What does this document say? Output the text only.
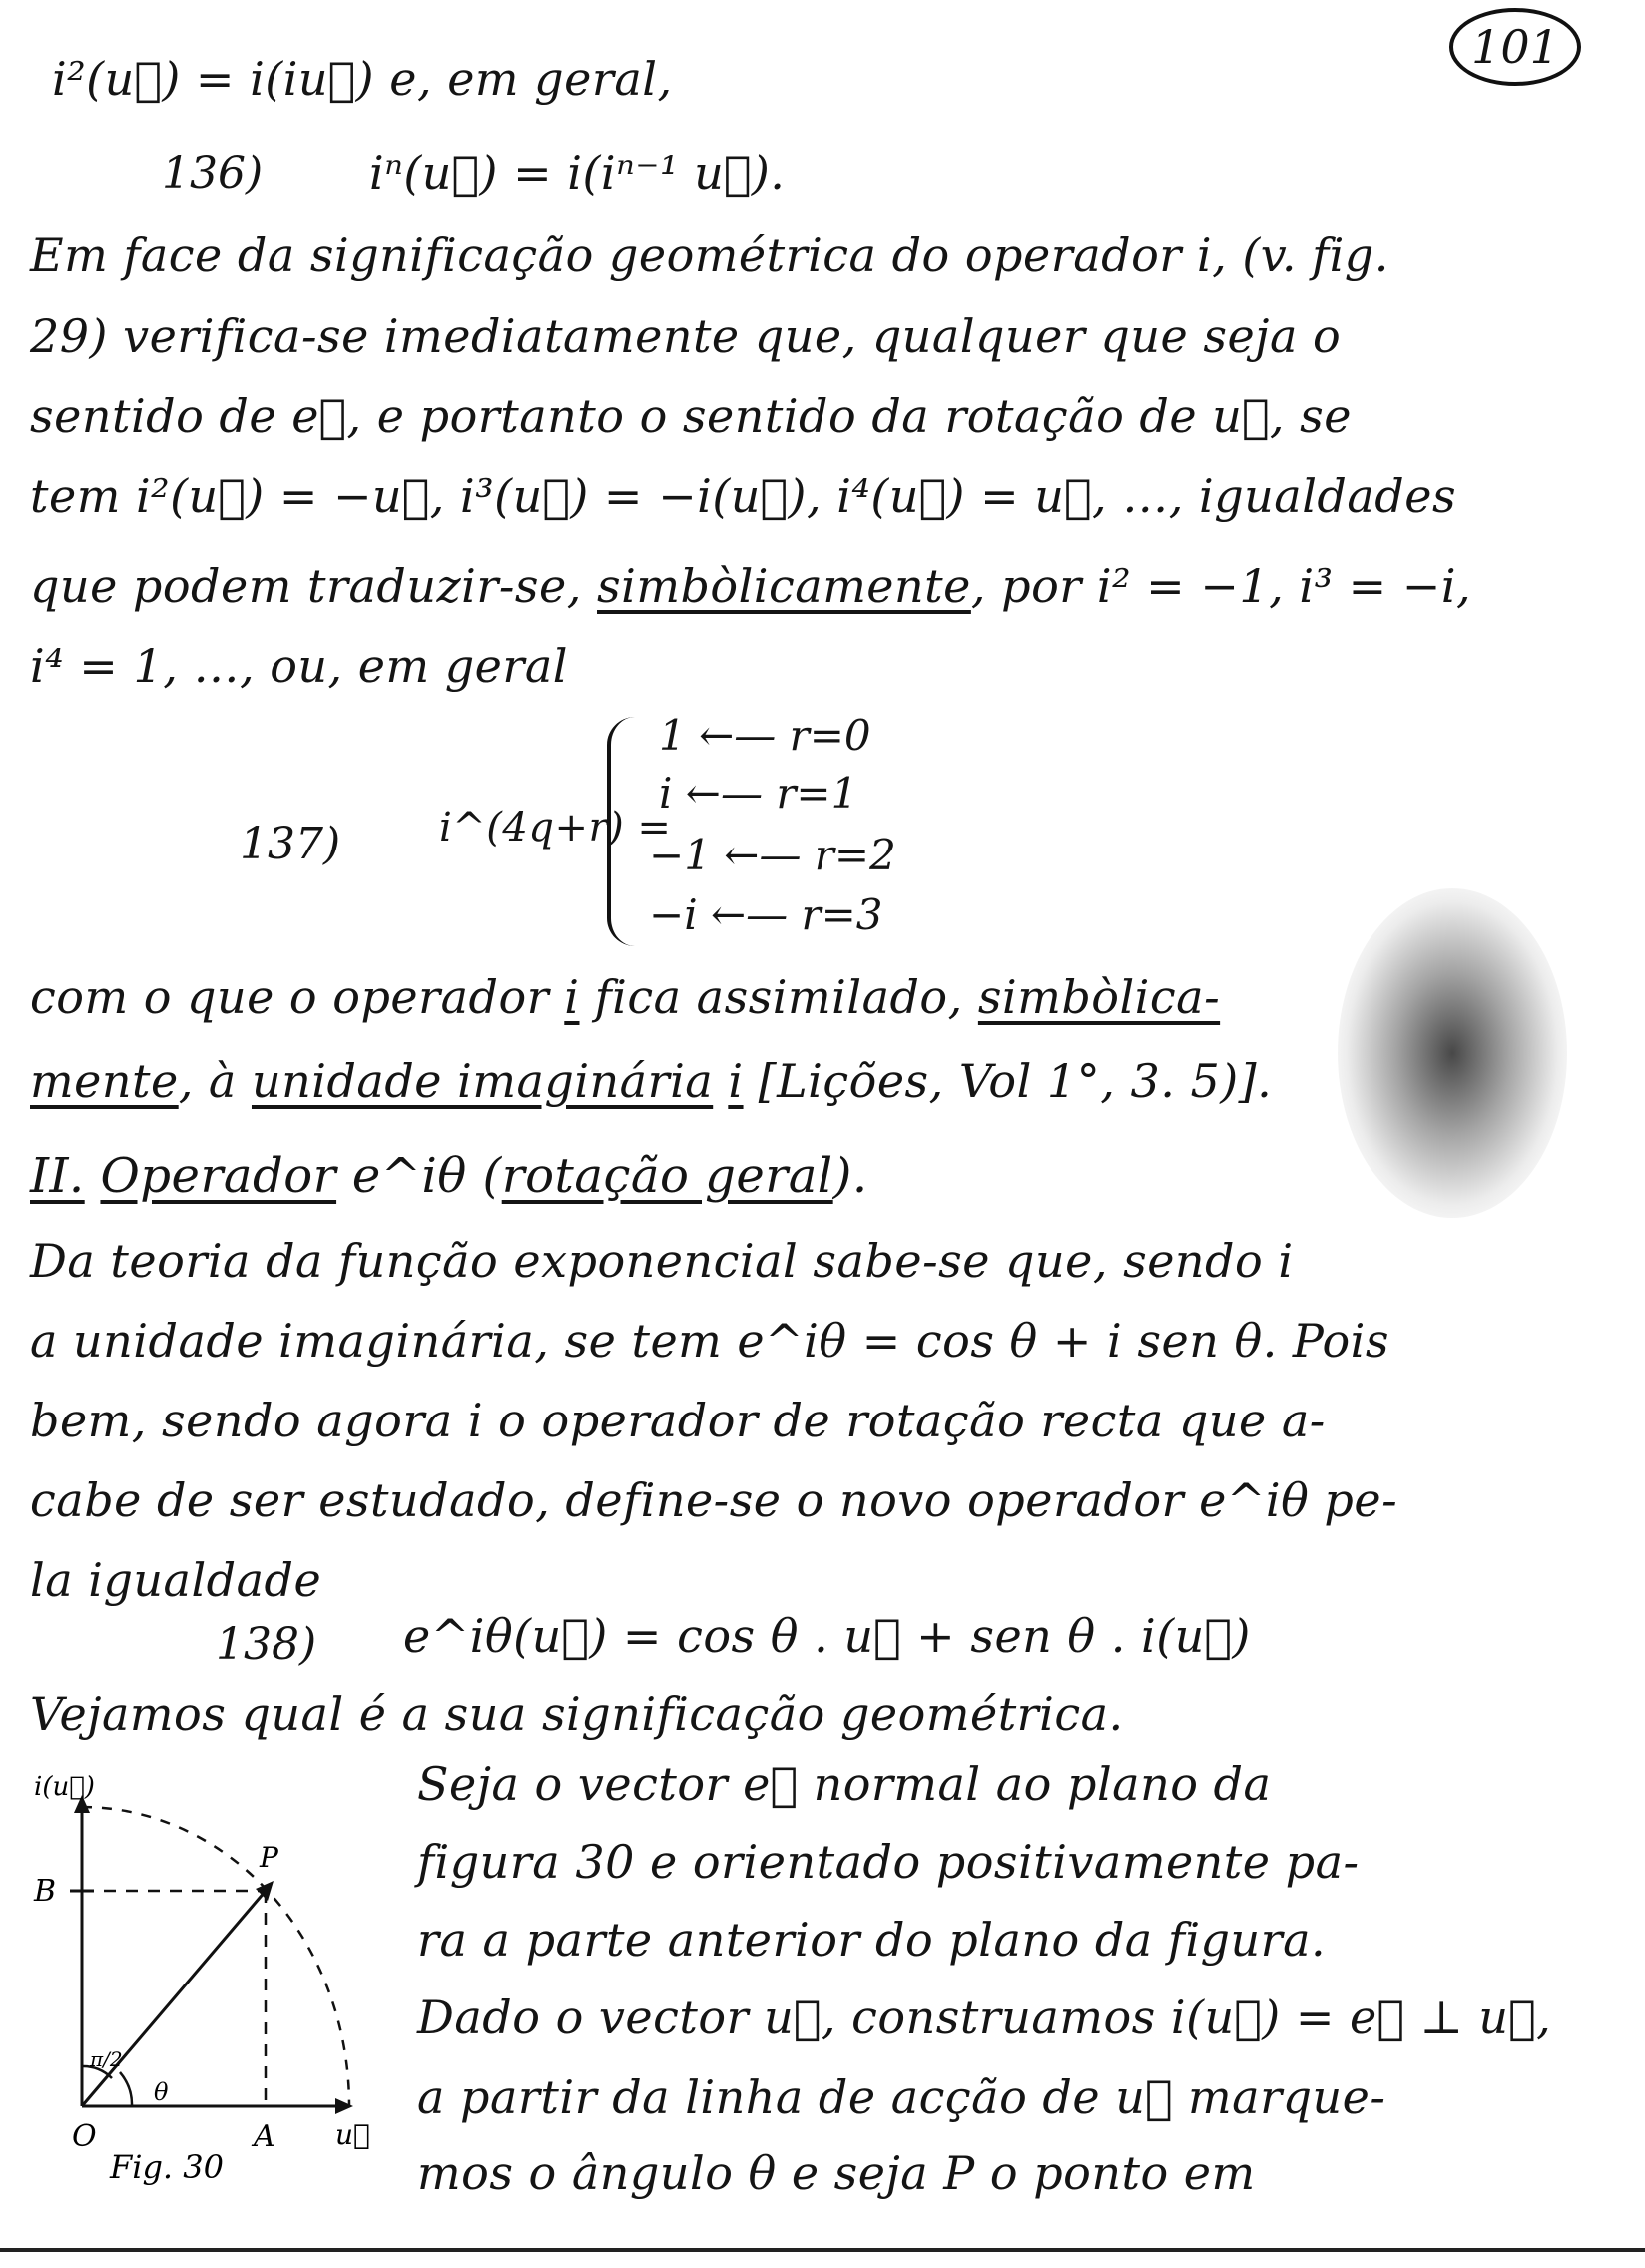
101
i²(u⃗) = i(iu⃗) e, em geral,
136) iⁿ(u⃗) = i(iⁿ⁻¹ u⃗).
Em face da significação geométrica do operador i, (v. fig.
29) verifica-se imediatamente que, qualquer que seja o
sentido de e⃗, e portanto o sentido da rotação de u⃗, se
tem i²(u⃗) = −u⃗, i³(u⃗) = −i(u⃗), i⁴(u⃗) = u⃗, …, igualdades
que podem traduzir-se, simbòlicamente, por i² = −1, i³ = −i,
i⁴ = 1, …, ou, em geral
137) i^(4q+r) =
1 ←— r=0
i ←— r=1
−1 ←— r=2
−i ←— r=3
com o que o operador i fica assimilado, simbòlica-
mente, à unidade imaginária i [Lições, Vol 1°, 3. 5)].
II. Operador e^iθ (rotação geral).
Da teoria da função exponencial sabe-se que, sendo i
a unidade imaginária, se tem e^iθ = cos θ + i sen θ. Pois
bem, sendo agora i o operador de rotação recta que a-
cabe de ser estudado, define-se o novo operador e^iθ pe-
la igualdade
138) e^iθ(u⃗) = cos θ . u⃗ + sen θ . i(u⃗)
Vejamos qual é a sua significação geométrica.
Seja o vector e⃗ normal ao plano da
figura 30 e orientado positivamente pa-
ra a parte anterior do plano da figura.
Dado o vector u⃗, construamos i(u⃗) = e⃗ ⊥ u⃗,
a partir da linha de acção de u⃗ marque-
mos o ângulo θ e seja P o ponto em
i(u⃗)
B
P
O	A u⃗
θ
π/2
Fig. 30
